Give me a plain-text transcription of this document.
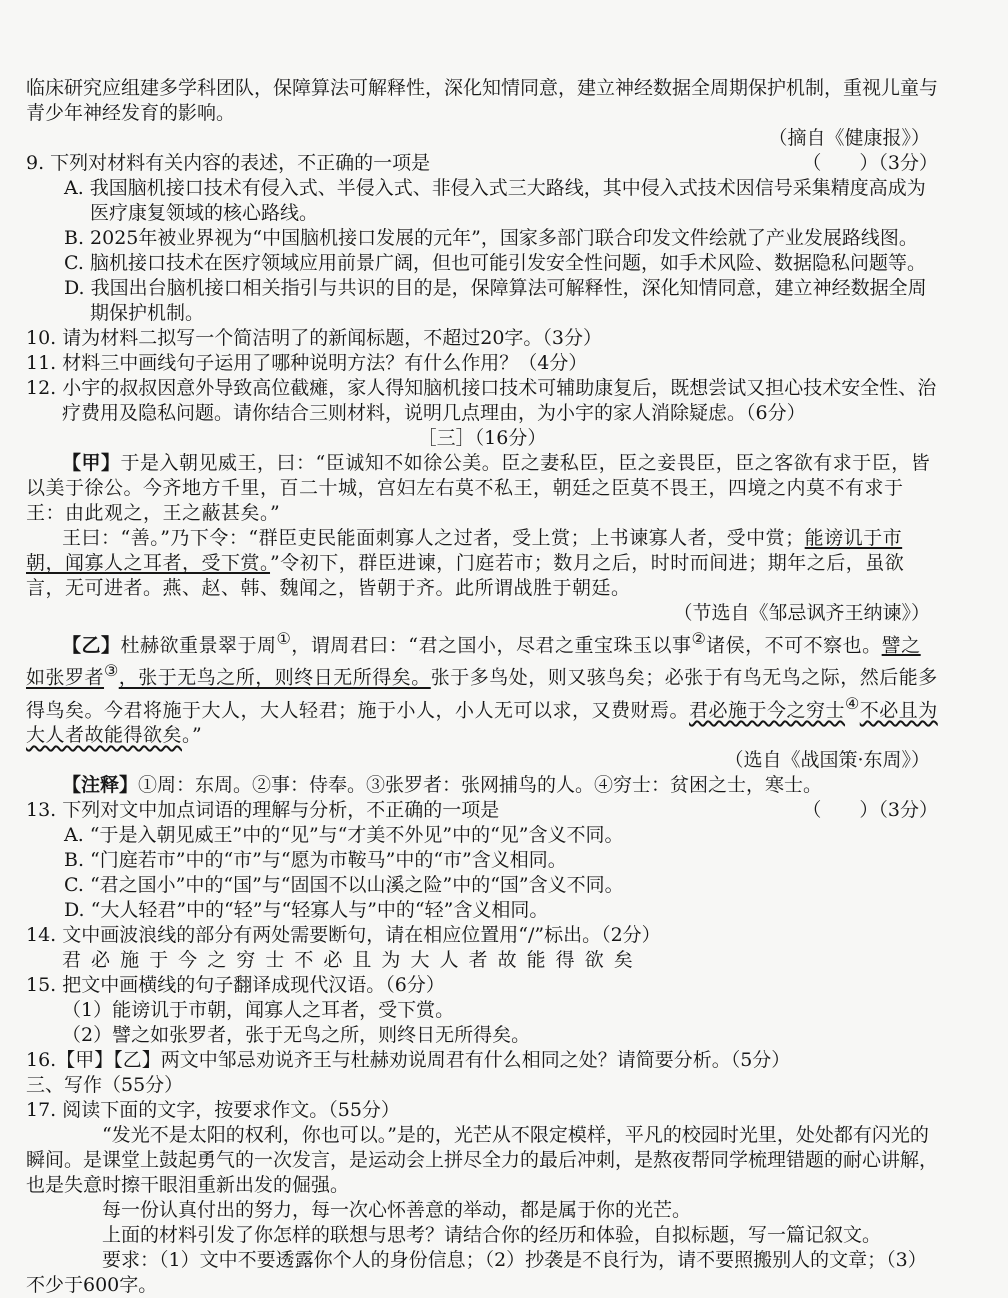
临床研究应组建多学科团队，保障算法可解释性，深化知情同意，建立神经数据全周期保护机制，重视儿童与青少年神经发育的影响。

（摘自《健康报》）

9. 下列对材料有关内容的表述，不正确的一项是	（　　）（3分）

A. 我国脑机接口技术有侵入式、半侵入式、非侵入式三大路线，其中侵入式技术因信号采集精度高成为医疗康复领域的核心路线。

B. 2025年被业界视为“中国脑机接口发展的元年”，国家多部门联合印发文件绘就了产业发展路线图。

C. 脑机接口技术在医疗领域应用前景广阔，但也可能引发安全性问题，如手术风险、数据隐私问题等。

D. 我国出台脑机接口相关指引与共识的目的是，保障算法可解释性，深化知情同意，建立神经数据全周期保护机制。

10. 请为材料二拟写一个简洁明了的新闻标题，不超过20字。（3分）

11. 材料三中画线句子运用了哪种说明方法？有什么作用？（4分）

12. 小宇的叔叔因意外导致高位截瘫，家人得知脑机接口技术可辅助康复后，既想尝试又担心技术安全性、治疗费用及隐私问题。请你结合三则材料，说明几点理由，为小宇的家人消除疑虑。（6分）

［三］（16分）

【甲】于是入朝见威王，曰：“臣诚知不如徐公美。臣之妻私臣，臣之妾畏臣，臣之客欲有求于臣，皆以美于徐公。今齐地方千里，百二十城，宫妇左右莫不私王，朝廷之臣莫不畏王，四境之内莫不有求于王：由此观之，王之蔽甚矣。”

王曰：“善。”乃下令：“群臣吏民能面刺寡人之过者，受上赏；上书谏寡人者，受中赏；能谤讥于市朝，闻寡人之耳者，受下赏。”令初下，群臣进谏，门庭若市；数月之后，时时而间进；期年之后，虽欲言，无可进者。燕、赵、韩、魏闻之，皆朝于齐。此所谓战胜于朝廷。

（节选自《邹忌讽齐王纳谏》）

【乙】杜赫欲重景翠于周①，谓周君曰：“君之国小，尽君之重宝珠玉以事②诸侯，不可不察也。譬之如张罗者③，张于无鸟之所，则终日无所得矣。张于多鸟处，则又骇鸟矣；必张于有鸟无鸟之际，然后能多得鸟矣。今君将施于大人，大人轻君；施于小人，小人无可以求，又费财焉。君必施于今之穷士④不必且为大人者故能得欲矣。”

（选自《战国策·东周》）

【注释】①周：东周。②事：侍奉。③张罗者：张网捕鸟的人。④穷士：贫困之士，寒士。

13. 下列对文中加点词语的理解与分析，不正确的一项是	（　　）（3分）

A. “于是入朝见威王”中的“见”与“才美不外见”中的“见”含义不同。

B. “门庭若市”中的“市”与“愿为市鞍马”中的“市”含义相同。

C. “君之国小”中的“国”与“固国不以山溪之险”中的“国”含义不同。

D. “大人轻君”中的“轻”与“轻寡人与”中的“轻”含义相同。

14. 文中画波浪线的部分有两处需要断句，请在相应位置用“/”标出。（2分）

君 必 施 于 今 之 穷 士 不 必 且 为 大 人 者 故 能 得 欲 矣

15. 把文中画横线的句子翻译成现代汉语。（6分）

（1）能谤讥于市朝，闻寡人之耳者，受下赏。

（2）譬之如张罗者，张于无鸟之所，则终日无所得矣。

16.【甲】【乙】两文中邹忌劝说齐王与杜赫劝说周君有什么相同之处？请简要分析。（5分）

三、写作（55分）

17. 阅读下面的文字，按要求作文。（55分）

“发光不是太阳的权利，你也可以。”是的，光芒从不限定模样，平凡的校园时光里，处处都有闪光的瞬间。是课堂上鼓起勇气的一次发言，是运动会上拼尽全力的最后冲刺，是熬夜帮同学梳理错题的耐心讲解，也是失意时擦干眼泪重新出发的倔强。

每一份认真付出的努力，每一次心怀善意的举动，都是属于你的光芒。

上面的材料引发了你怎样的联想与思考？请结合你的经历和体验，自拟标题，写一篇记叙文。

要求：（1）文中不要透露你个人的身份信息；（2）抄袭是不良行为，请不要照搬别人的文章；（3）不少于600字。
